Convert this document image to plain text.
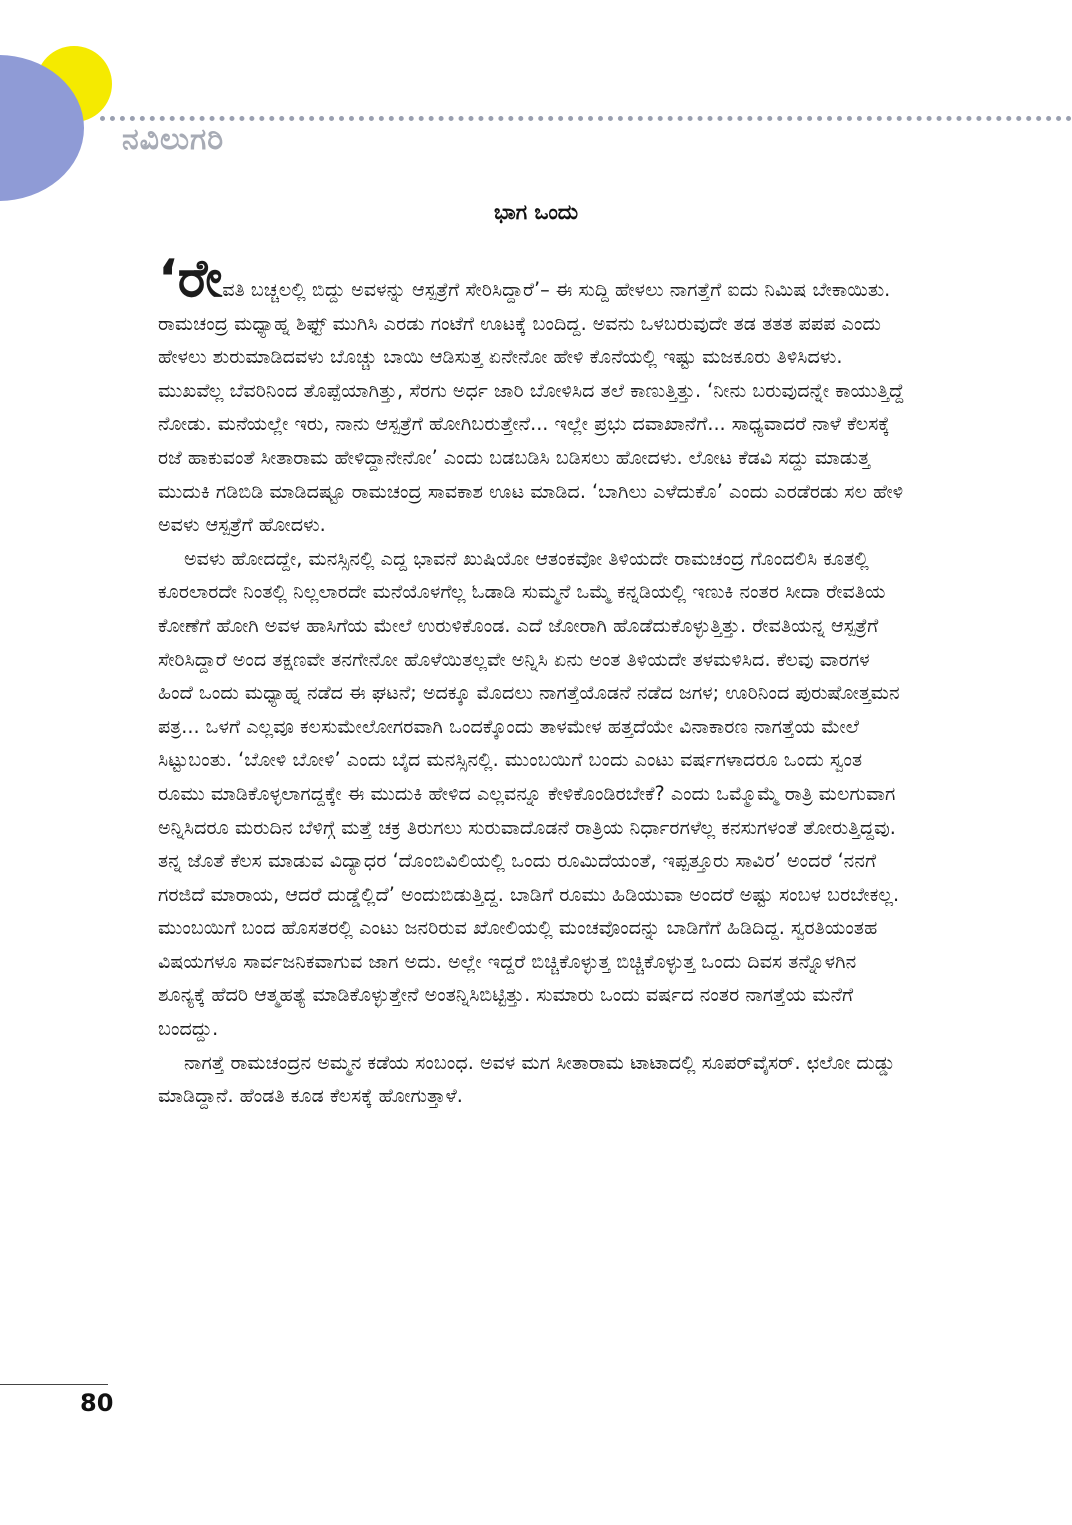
ನವಿಲುಗರಿ
ಭಾಗ ಒಂದು

‘ರೇವತಿ ಬಚ್ಚಲಲ್ಲಿ ಬಿದ್ದು ಅವಳನ್ನು ಆಸ್ಪತ್ರೆಗೆ ಸೇರಿಸಿದ್ದಾರೆ’– ಈ ಸುದ್ದಿ ಹೇಳಲು ನಾಗತ್ತೆಗೆ ಐದು ನಿಮಿಷ ಬೇಕಾಯಿತು. ರಾಮಚಂದ್ರ ಮಧ್ಯಾಹ್ನ ಶಿಫ್ಟ್ ಮುಗಿಸಿ ಎರಡು ಗಂಟೆಗೆ ಊಟಕ್ಕೆ ಬಂದಿದ್ದ. ಅವನು ಒಳಬರುವುದೇ ತಡ ತತತ ಪಪಪ ಎಂದು ಹೇಳಲು ಶುರುಮಾಡಿದವಳು ಬೊಚ್ಚು ಬಾಯಿ ಆಡಿಸುತ್ತ ಏನೇನೋ ಹೇಳಿ ಕೊನೆಯಲ್ಲಿ ಇಷ್ಟು ಮಜಕೂರು ತಿಳಿಸಿದಳು. ಮುಖವೆಲ್ಲ ಬೆವರಿನಿಂದ ತೊಪ್ಪೆಯಾಗಿತ್ತು, ಸೆರಗು ಅರ್ಧ ಜಾರಿ ಬೋಳಿಸಿದ ತಲೆ ಕಾಣುತ್ತಿತ್ತು. ‘ನೀನು ಬರುವುದನ್ನೇ ಕಾಯುತ್ತಿದ್ದೆ ನೋಡು. ಮನೆಯಲ್ಲೇ ಇರು, ನಾನು ಆಸ್ಪತ್ರೆಗೆ ಹೋಗಿಬರುತ್ತೇನೆ... ಇಲ್ಲೇ ಪ್ರಭು ದವಾಖಾನೆಗೆ... ಸಾಧ್ಯವಾದರೆ ನಾಳೆ ಕೆಲಸಕ್ಕೆ ರಜೆ ಹಾಕುವಂತೆ ಸೀತಾರಾಮ ಹೇಳಿದ್ದಾನೇನೋ’ ಎಂದು ಬಡಬಡಿಸಿ ಬಡಿಸಲು ಹೋದಳು. ಲೋಟ ಕೆಡವಿ ಸದ್ದು ಮಾಡುತ್ತ ಮುದುಕಿ ಗಡಿಬಿಡಿ ಮಾಡಿದಷ್ಟೂ ರಾಮಚಂದ್ರ ಸಾವಕಾಶ ಊಟ ಮಾಡಿದ. ‘ಬಾಗಿಲು ಎಳೆದುಕೊ’ ಎಂದು ಎರಡೆರಡು ಸಲ ಹೇಳಿ ಅವಳು ಆಸ್ಪತ್ರೆಗೆ ಹೋದಳು.

ಅವಳು ಹೋದದ್ದೇ, ಮನಸ್ಸಿನಲ್ಲಿ ಎದ್ದ ಭಾವನೆ ಖುಷಿಯೋ ಆತಂಕವೋ ತಿಳಿಯದೇ ರಾಮಚಂದ್ರ ಗೊಂದಲಿಸಿ ಕೂತಲ್ಲಿ ಕೂರಲಾರದೇ ನಿಂತಲ್ಲಿ ನಿಲ್ಲಲಾರದೇ ಮನೆಯೊಳಗೆಲ್ಲ ಓಡಾಡಿ ಸುಮ್ಮನೆ ಒಮ್ಮೆ ಕನ್ನಡಿಯಲ್ಲಿ ಇಣುಕಿ ನಂತರ ಸೀದಾ ರೇವತಿಯ ಕೋಣೆಗೆ ಹೋಗಿ ಅವಳ ಹಾಸಿಗೆಯ ಮೇಲೆ ಉರುಳಿಕೊಂಡ. ಎದೆ ಜೋರಾಗಿ ಹೊಡೆದುಕೊಳ್ಳುತ್ತಿತ್ತು. ರೇವತಿಯನ್ನ ಆಸ್ಪತ್ರೆಗೆ ಸೇರಿಸಿದ್ದಾರೆ ಅಂದ ತಕ್ಷಣವೇ ತನಗೇನೋ ಹೊಳೆಯಿತಲ್ಲವೇ ಅನ್ನಿಸಿ ಏನು ಅಂತ ತಿಳಿಯದೇ ತಳಮಳಿಸಿದ. ಕೆಲವು ವಾರಗಳ ಹಿಂದೆ ಒಂದು ಮಧ್ಯಾಹ್ನ ನಡೆದ ಈ ಘಟನೆ; ಅದಕ್ಕೂ ಮೊದಲು ನಾಗತ್ತೆಯೊಡನೆ ನಡೆದ ಜಗಳ; ಊರಿನಿಂದ ಪುರುಷೋತ್ತಮನ ಪತ್ರ... ಒಳಗೆ ಎಲ್ಲವೂ ಕಲಸುಮೇಲೋಗರವಾಗಿ ಒಂದಕ್ಕೊಂದು ತಾಳಮೇಳ ಹತ್ತದೆಯೇ ವಿನಾಕಾರಣ ನಾಗತ್ತೆಯ ಮೇಲೆ ಸಿಟ್ಟುಬಂತು. ‘ಬೋಳಿ ಬೋಳಿ’ ಎಂದು ಬೈದ ಮನಸ್ಸಿನಲ್ಲಿ. ಮುಂಬಯಿಗೆ ಬಂದು ಎಂಟು ವರ್ಷಗಳಾದರೂ ಒಂದು ಸ್ವಂತ ರೂಮು ಮಾಡಿಕೊಳ್ಳಲಾಗದ್ದಕ್ಕೇ ಈ ಮುದುಕಿ ಹೇಳಿದ ಎಲ್ಲವನ್ನೂ ಕೇಳಿಕೊಂಡಿರಬೇಕೆ? ಎಂದು ಒಮ್ಮೊಮ್ಮೆ ರಾತ್ರಿ ಮಲಗುವಾಗ ಅನ್ನಿಸಿದರೂ ಮರುದಿನ ಬೆಳಿಗ್ಗೆ ಮತ್ತೆ ಚಕ್ರ ತಿರುಗಲು ಸುರುವಾದೊಡನೆ ರಾತ್ರಿಯ ನಿರ್ಧಾರಗಳೆಲ್ಲ ಕನಸುಗಳಂತೆ ತೋರುತ್ತಿದ್ದವು. ತನ್ನ ಜೊತೆ ಕೆಲಸ ಮಾಡುವ ವಿದ್ಯಾಧರ ‘ದೊಂಬಿವಿಲಿಯಲ್ಲಿ ಒಂದು ರೂಮಿದೆಯಂತೆ, ಇಪ್ಪತ್ತೂರು ಸಾವಿರ’ ಅಂದರೆ ‘ನನಗೆ ಗರಜಿದೆ ಮಾರಾಯ, ಆದರೆ ದುಡ್ಡೆಲ್ಲಿದೆ’ ಅಂದುಬಿಡುತ್ತಿದ್ದ. ಬಾಡಿಗೆ ರೂಮು ಹಿಡಿಯುವಾ ಅಂದರೆ ಅಷ್ಟು ಸಂಬಳ ಬರಬೇಕಲ್ಲ. ಮುಂಬಯಿಗೆ ಬಂದ ಹೊಸತರಲ್ಲಿ ಎಂಟು ಜನರಿರುವ ಖೋಲಿಯಲ್ಲಿ ಮಂಚವೊಂದನ್ನು ಬಾಡಿಗೆಗೆ ಹಿಡಿದಿದ್ದ. ಸ್ವರತಿಯಂತಹ ವಿಷಯಗಳೂ ಸಾರ್ವಜನಿಕವಾಗುವ ಜಾಗ ಅದು. ಅಲ್ಲೇ ಇದ್ದರೆ ಬಿಚ್ಚಿಕೊಳ್ಳುತ್ತ ಬಿಚ್ಚಿಕೊಳ್ಳುತ್ತ ಒಂದು ದಿವಸ ತನ್ನೊಳಗಿನ ಶೂನ್ಯಕ್ಕೆ ಹೆದರಿ ಆತ್ಮಹತ್ಯೆ ಮಾಡಿಕೊಳ್ಳುತ್ತೇನೆ ಅಂತನ್ನಿಸಿಬಿಟ್ಟಿತ್ತು. ಸುಮಾರು ಒಂದು ವರ್ಷದ ನಂತರ ನಾಗತ್ತೆಯ ಮನೆಗೆ ಬಂದದ್ದು.

ನಾಗತ್ತೆ ರಾಮಚಂದ್ರನ ಅಮ್ಮನ ಕಡೆಯ ಸಂಬಂಧ. ಅವಳ ಮಗ ಸೀತಾರಾಮ ಟಾಟಾದಲ್ಲಿ ಸೂಪರ್‌ವೈಸರ್. ಛಲೋ ದುಡ್ಡು ಮಾಡಿದ್ದಾನೆ. ಹೆಂಡತಿ ಕೂಡ ಕೆಲಸಕ್ಕೆ ಹೋಗುತ್ತಾಳೆ.

80
